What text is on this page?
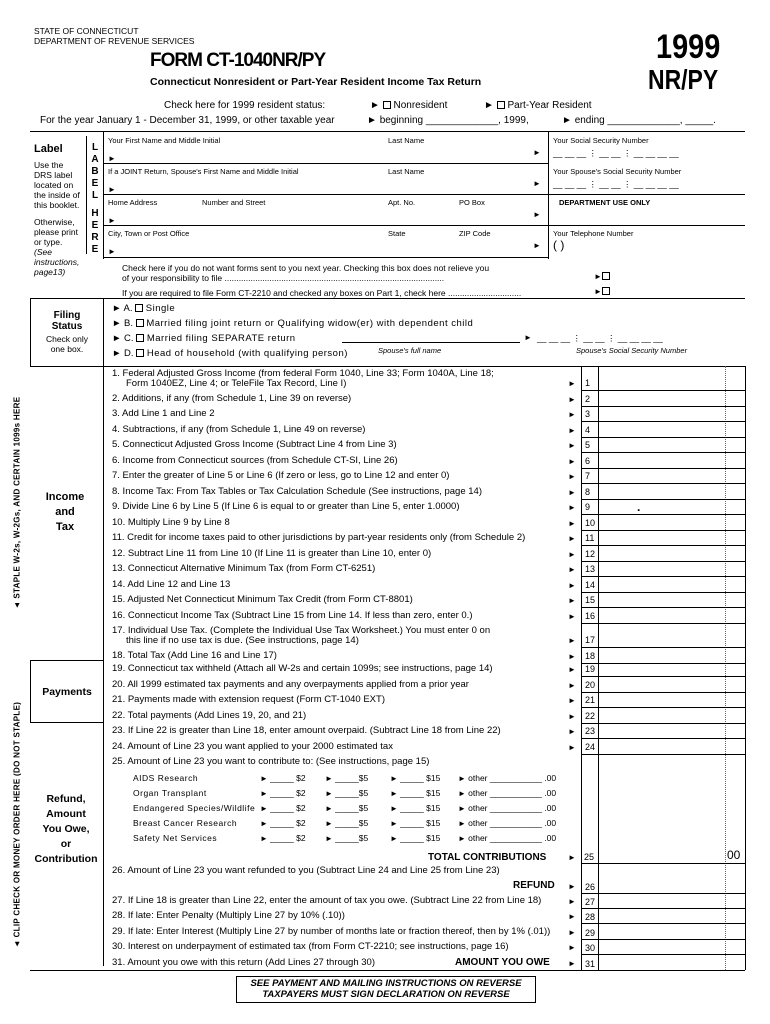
STATE OF CONNECTICUT
DEPARTMENT OF REVENUE SERVICES
FORM CT-1040NR/PY
Connecticut Nonresident or Part-Year Resident Income Tax Return
1999
NR/PY
Check here for 1999 resident status:	► Nonresident	► Part-Year Resident
For the year January 1 - December 31, 1999, or other taxable year	► beginning _____________, 1999,	► ending _____________, _____.
Label
Use the
DRS label
located on
the inside of
this booklet.
Otherwise,
please print
or type.
(See
instructions,
page13)
L
A
B
E
L
H
E
R
E
Your First Name and Middle Initial	Last Name	Your Social Security Number
►
► __ __ __ ⋮ __ __ ⋮ __ __ __ __
If a JOINT Return, Spouse's First Name and Middle Initial	Last Name	Your Spouse's Social Security Number
►
► __ __ __ ⋮ __ __ ⋮ __ __ __ __
Home Address	Number and Street	Apt. No.	PO Box	DEPARTMENT USE ONLY
►
►
City, Town or Post Office	State	ZIP Code	Your Telephone Number
►
► ( )
Check here if you do not want forms sent to you next year. Checking this box does not relieve you
of your responsibility to file .............................................................................................	►
If you are required to file Form CT-2210 and checked any boxes on Part 1, check here ...............................	►
Filing
Status
Check only
one box.
► A. Single
► B. Married filing joint return or Qualifying widow(er) with dependent child
► C. Married filing SEPARATE return
► D. Head of household (with qualifying person)	Spouse's full name
► __ __ __ ⋮ __ __ ⋮ __ __ __ __
Spouse's Social Security Number
Income
and
Tax
Payments
Refund,
Amount
You Owe,
or
Contribution
◄ STAPLE W-2s, W-2Gs, AND CERTAIN 1099s HERE
◄ CLIP CHECK OR MONEY ORDER HERE (DO NOT STAPLE)
1. Federal Adjusted Gross Income (from federal Form 1040, Line 33; Form 1040A, Line 18;
Form 1040EZ, Line 4; or TeleFile Tax Record, Line I)	► 1
2. Additions, if any (from Schedule 1, Line 39 on reverse)	► 2
3. Add Line 1 and Line 2	► 3
4. Subtractions, if any (from Schedule 1, Line 49 on reverse)	► 4
5. Connecticut Adjusted Gross Income (Subtract Line 4 from Line 3)	► 5
6. Income from Connecticut sources (from Schedule CT-SI, Line 26)	► 6
7. Enter the greater of Line 5 or Line 6 (If zero or less, go to Line 12 and enter 0)	► 7
8. Income Tax: From Tax Tables or Tax Calculation Schedule (See instructions, page 14)	► 8
9. Divide Line 6 by Line 5 (If Line 6 is equal to or greater than Line 5, enter 1.0000)	► 9
10. Multiply Line 9 by Line 8	► 10
11. Credit for income taxes paid to other jurisdictions by part-year residents only (from Schedule 2)	► 11
12. Subtract Line 11 from Line 10 (If Line 11 is greater than Line 10, enter 0)	► 12
13. Connecticut Alternative Minimum Tax (from Form CT-6251)	► 13
14. Add Line 12 and Line 13	► 14
15. Adjusted Net Connecticut Minimum Tax Credit (from Form CT-8801)	► 15
16. Connecticut Income Tax (Subtract Line 15 from Line 14. If less than zero, enter 0.)	► 16
17. Individual Use Tax. (Complete the Individual Use Tax Worksheet.) You must enter 0 on
this line if no use tax is due. (See instructions, page 14)	► 17
18. Total Tax (Add Line 16 and Line 17)	► 18
19. Connecticut tax withheld (Attach all W-2s and certain 1099s; see instructions, page 14)	► 19
20. All 1999 estimated tax payments and any overpayments applied from a prior year	► 20
21. Payments made with extension request (Form CT-1040 EXT)	► 21
22. Total payments (Add Lines 19, 20, and 21)	► 22
23. If Line 22 is greater than Line 18, enter amount overpaid. (Subtract Line 18 from Line 22)	► 23
24. Amount of Line 23 you want applied to your 2000 estimated tax	► 24
25. Amount of Line 23 you want to contribute to: (See instructions, page 15)
.
AIDS Research	► _____ $2 ► _____$5	► _____ $15 ► other ___________ .00
Organ Transplant	► _____ $2 ► _____$5	► _____ $15 ► other ___________ .00
Endangered Species/Wildlife ► _____ $2 ► _____$5	► _____ $15 ► other ___________ .00
Breast Cancer Research	► _____ $2 ► _____$5	► _____ $15 ► other ___________ .00
Safety Net Services	► _____ $2 ► _____$5	► _____ $15 ► other ___________ .00
TOTAL CONTRIBUTIONS	► 25	00
26. Amount of Line 23 you want refunded to you (Subtract Line 24 and Line 25 from Line 23)
REFUND ► 26
27. If Line 18 is greater than Line 22, enter the amount of tax you owe. (Subtract Line 22 from Line 18)	► 27
28. If late: Enter Penalty (Multiply Line 27 by 10% (.10))	► 28
29. If late: Enter Interest (Multiply Line 27 by number of months late or fraction thereof, then by 1% (.01)) ► 29
30. Interest on underpayment of estimated tax (from Form CT-2210; see instructions, page 16)	► 30
31. Amount you owe with this return (Add Lines 27 through 30)	AMOUNT YOU OWE ► 31
SEE PAYMENT AND MAILING INSTRUCTIONS ON REVERSE
TAXPAYERS MUST SIGN DECLARATION ON REVERSE
